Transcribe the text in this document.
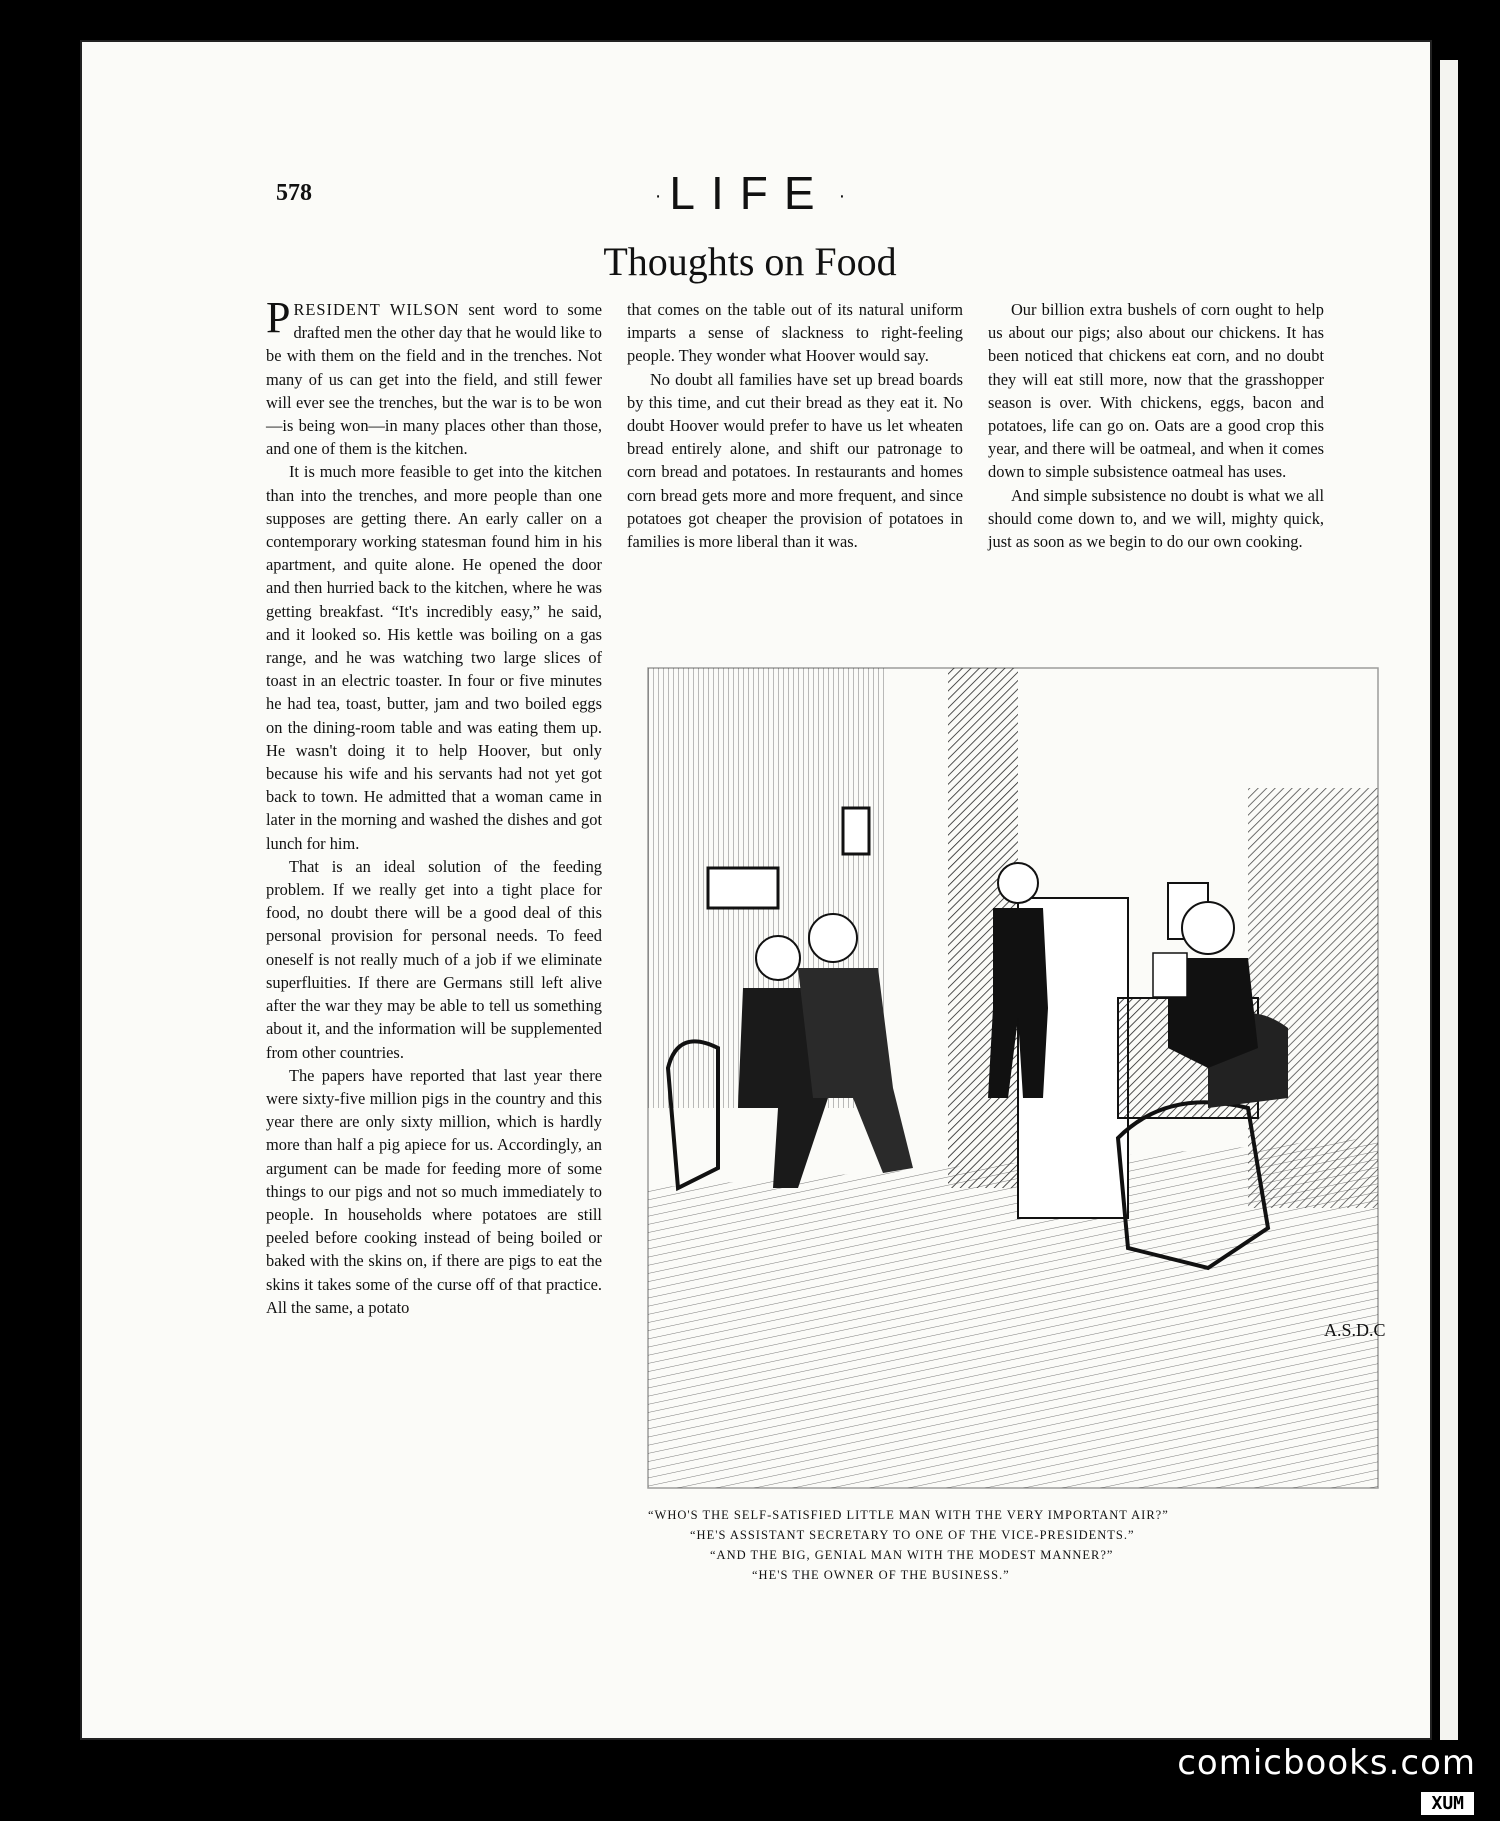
578	· LIFE ·
Thoughts on Food

PRESIDENT WILSON sent word to some drafted men the other day that he would like to be with them on the field and in the trenches. Not many of us can get into the field, and still fewer will ever see the trenches, but the war is to be won—is being won—in many places other than those, and one of them is the kitchen.

It is much more feasible to get into the kitchen than into the trenches, and more people than one supposes are getting there. An early caller on a contemporary working statesman found him in his apartment, and quite alone. He opened the door and then hurried back to the kitchen, where he was getting breakfast. “It's incredibly easy,” he said, and it looked so. His kettle was boiling on a gas range, and he was watching two large slices of toast in an electric toaster. In four or five minutes he had tea, toast, butter, jam and two boiled eggs on the dining-room table and was eating them up. He wasn't doing it to help Hoover, but only because his wife and his servants had not yet got back to town. He admitted that a woman came in later in the morning and washed the dishes and got lunch for him.

That is an ideal solution of the feeding problem. If we really get into a tight place for food, no doubt there will be a good deal of this personal provision for personal needs. To feed oneself is not really much of a job if we eliminate superfluities. If there are Germans still left alive after the war they may be able to tell us something about it, and the information will be supplemented from other countries.

The papers have reported that last year there were sixty-five million pigs in the country and this year there are only sixty million, which is hardly more than half a pig apiece for us. Accordingly, an argument can be made for feeding more of some things to our pigs and not so much immediately to people. In households where potatoes are still peeled before cooking instead of being boiled or baked with the skins on, if there are pigs to eat the skins it takes some of the curse off of that practice. All the same, a potato

that comes on the table out of its natural uniform imparts a sense of slackness to right-feeling people. They wonder what Hoover would say.

No doubt all families have set up bread boards by this time, and cut their bread as they eat it. No doubt Hoover would prefer to have us let wheaten bread entirely alone, and shift our patronage to corn bread and potatoes. In restaurants and homes corn bread gets more and more frequent, and since potatoes got cheaper the provision of potatoes in families is more liberal than it was.

Our billion extra bushels of corn ought to help us about our pigs; also about our chickens. It has been noticed that chickens eat corn, and no doubt they will eat still more, now that the grasshopper season is over. With chickens, eggs, bacon and potatoes, life can go on. Oats are a good crop this year, and there will be oatmeal, and when it comes down to simple subsistence oatmeal has uses.

And simple subsistence no doubt is what we all should come down to, and we will, mighty quick, just as soon as we begin to do our own cooking.

A.S.D.C
“WHO'S THE SELF-SATISFIED LITTLE MAN WITH THE VERY IMPORTANT AIR?”
“HE'S ASSISTANT SECRETARY TO ONE OF THE VICE-PRESIDENTS.”
“AND THE BIG, GENIAL MAN WITH THE MODEST MANNER?”
“HE'S THE OWNER OF THE BUSINESS.”
comicbooks.com
XUM
